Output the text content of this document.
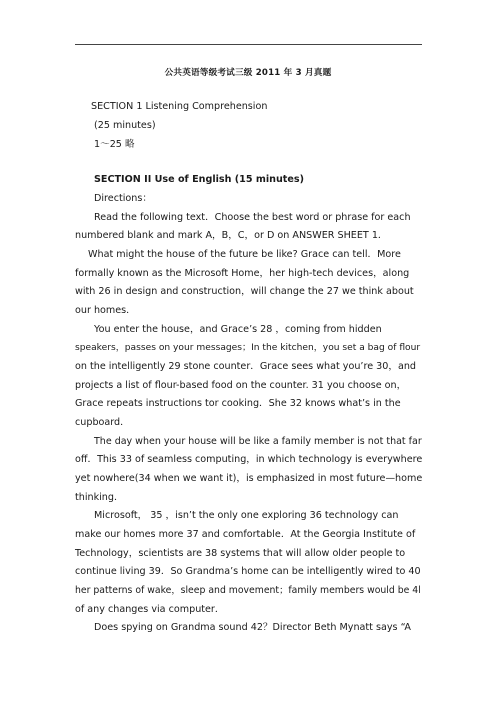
公共英语等级考试三级 2011 年 3 月真题
SECTION 1 Listening Comprehension
(25 minutes)
1～25 略
SECTION II Use of English (15 minutes)
Directions：
Read the following text．Choose the best word or phrase for each
numbered blank and mark A，B，C，or D on ANSWER SHEET 1．
What might the house of the future be like? Grace can tell．More
formally known as the Microsoft Home，her high-tech devices，along
with 26 in design and construction，will change the 27 we think about
our homes．
You enter the house，and Grace’s 28 ，coming from hidden
speakers，passes on your messages；In the kitchen，you set a bag of flour
on the intelligently 29 stone counter．Grace sees what you’re 30，and
projects a list of flour-based food on the counter. 31 you choose on，
Grace repeats instructions tor cooking．She 32 knows what’s in the
cupboard．
The day when your house will be like a family member is not that far
off．This 33 of seamless computing，in which technology is everywhere
yet nowhere(34 when we want it)，is emphasized in most future—home
thinking．
Microsoft， 35 ，isn’t the only one exploring 36 technology can
make our homes more 37 and comfortable．At the Georgia Institute of
Technology，scientists are 38 systems that will allow older people to
continue living 39．So Grandma’s home can be intelligently wired to 40
her patterns of wake，sleep and movement；family members would be 4l
of any changes via computer．
Does spying on Grandma sound 42？Director Beth Mynatt says “A
